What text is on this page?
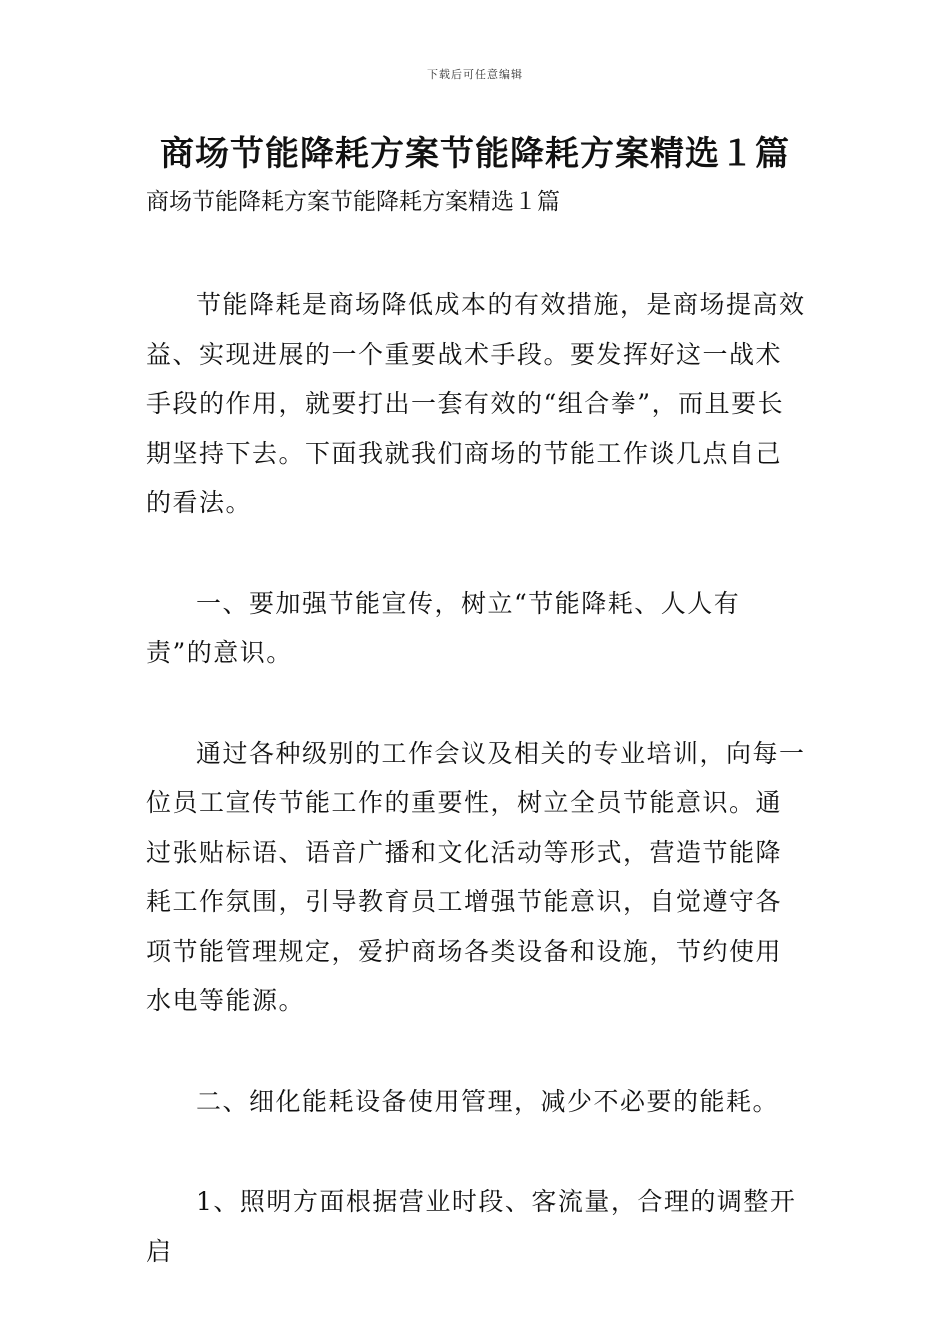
下载后可任意编辑
商场节能降耗方案节能降耗方案精选１篇
商场节能降耗方案节能降耗方案精选１篇

节能降耗是商场降低成本的有效措施，是商场提高效益、实现进展的一个重要战术手段。要发挥好这一战术手段的作用，就要打出一套有效的“组合拳”，而且要长期坚持下去。下面我就我们商场的节能工作谈几点自己的看法。

一、要加强节能宣传，树立“节能降耗、人人有责”的意识。

通过各种级别的工作会议及相关的专业培训，向每一位员工宣传节能工作的重要性，树立全员节能意识。通过张贴标语、语音广播和文化活动等形式，营造节能降耗工作氛围，引导教育员工增强节能意识，自觉遵守各项节能管理规定，爱护商场各类设备和设施，节约使用水电等能源。

二、细化能耗设备使用管理，减少不必要的能耗。

1、照明方面根据营业时段、客流量，合理的调整开启
